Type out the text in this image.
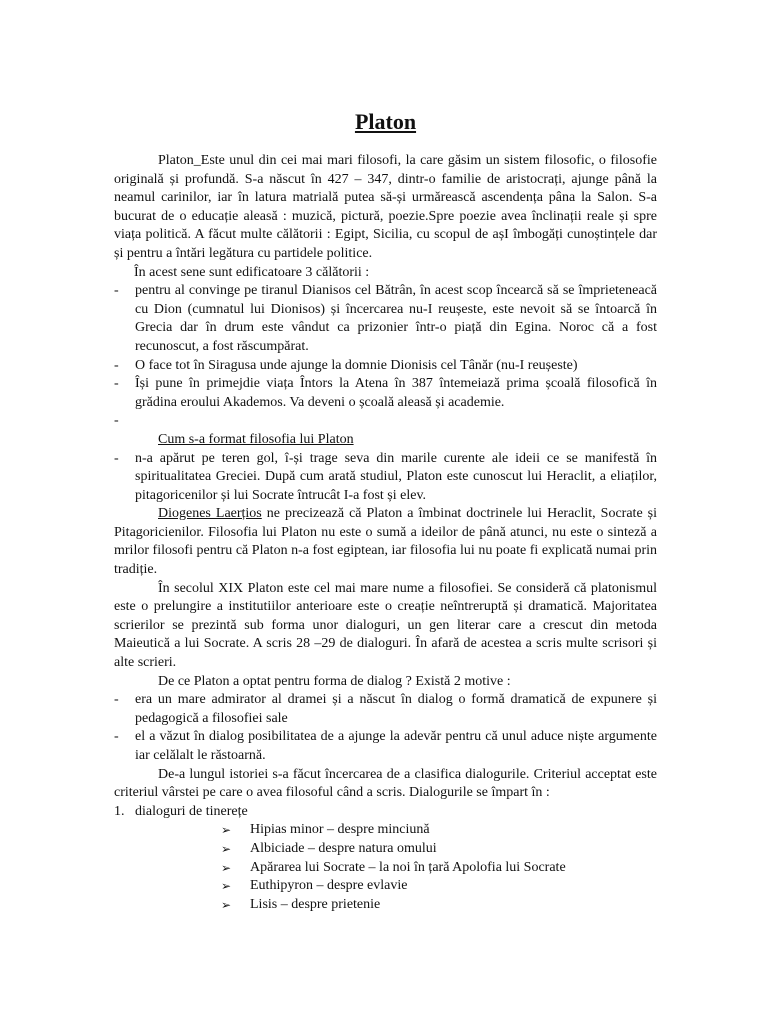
Platon

Platon_Este unul din cei mai mari filosofi, la care găsim un sistem filosofic, o filosofie originală și profundă. S-a născut în 427 – 347, dintr-o familie de aristocrați, ajunge până la neamul carinilor, iar în latura matrială putea să-și urmărească ascendența pâna la Salon. S-a bucurat de o educație aleasă : muzică, pictură, poezie.Spre poezie avea înclinații reale și spre viața politică. A făcut multe călătorii : Egipt, Sicilia, cu scopul de așI îmbogăți cunoștințele dar și pentru a întări legătura cu partidele politice.

În acest sene sunt edificatoare 3 călătorii :

- pentru al convinge pe tiranul Dianisos cel Bătrân, în acest scop încearcă să se împrieteneacă cu Dion (cumnatul lui Dionisos) și încercarea nu-I reușeste, este nevoit să se întoarcă în Grecia dar în drum este vândut ca prizonier într-o piață din Egina. Noroc că a fost recunoscut, a fost răscumpărat.
- O face tot în Siragusa unde ajunge la domnie Dionisis cel Tânăr (nu-I reușeste)
- Își pune în primejdie viața Întors la Atena în 387 întemeiază prima școală filosofică în grădina eroului Akademos. Va deveni o școală aleasă și academie.
-

Cum s-a format filosofia lui Platon

- n-a apărut pe teren gol, î-și trage seva din marile curente ale ideii ce se manifestă în spiritualitatea Greciei. După cum arată studiul, Platon este cunoscut lui Heraclit, a eliaților, pitagoricenilor și lui Socrate întrucât I-a fost și elev.

Diogenes Laerțios ne precizează că Platon a îmbinat doctrinele lui Heraclit, Socrate și Pitagoricienilor. Filosofia lui Platon nu este o sumă a ideilor de până atunci, nu este o sinteză a mrilor filosofi pentru că Platon n-a fost egiptean, iar filosofia lui nu poate fi explicată numai prin tradiție.

În secolul XIX Platon este cel mai mare nume a filosofiei. Se consideră că platonismul este o prelungire a institutiilor anterioare este o creație neîntreruptă și dramatică. Majoritatea scrierilor se prezintă sub forma unor dialoguri, un gen literar care a crescut din metoda Maieutică a lui Socrate. A scris 28 –29 de dialoguri. În afară de acestea a scris multe scrisori și alte scrieri.

De ce Platon a optat pentru forma de dialog ? Există 2 motive :

- era un mare admirator al dramei și a născut în dialog o formă dramatică de expunere și pedagogică a filosofiei sale
- el a văzut în dialog posibilitatea de a ajunge la adevăr pentru că unul aduce niște argumente iar celălalt le răstoarnă.

De-a lungul istoriei s-a făcut încercarea de a clasifica dialogurile. Criteriul acceptat este criteriul vârstei pe care o avea filosoful când a scris. Dialogurile se împart în :

1. dialoguri de tinerețe
➢ Hipias minor – despre minciună
➢ Albiciade – despre natura omului
➢ Apărarea lui Socrate – la noi în țară Apolofia lui Socrate
➢ Euthipyron – despre evlavie
➢ Lisis – despre prietenie
